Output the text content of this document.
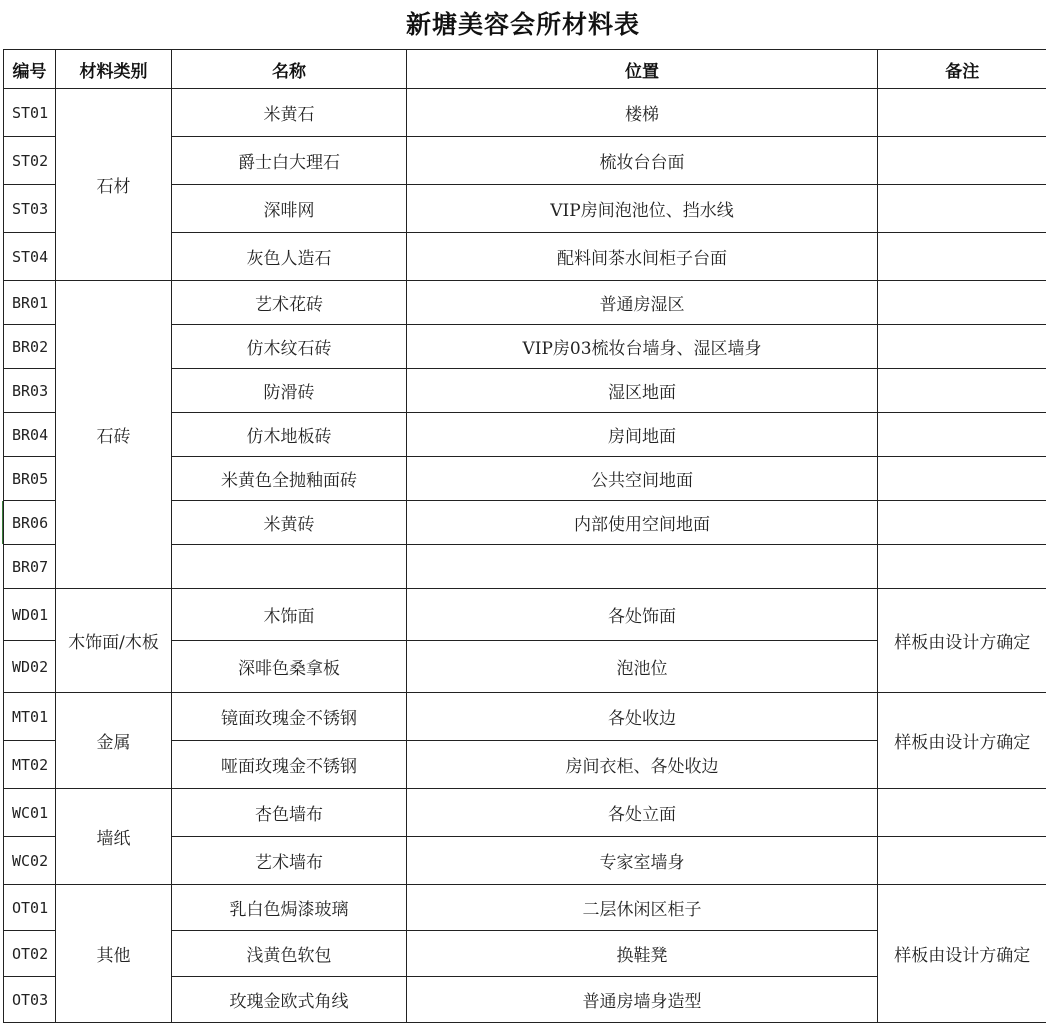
新塘美容会所材料表
编号	材料类别	名称	位置	备注
ST01	石材	米黄石	楼梯	
ST02		爵士白大理石	梳妆台台面	
ST03		深啡网	VIP房间泡池位、挡水线	
ST04		灰色人造石	配料间茶水间柜子台面	
BR01	石砖	艺术花砖	普通房湿区	
BR02		仿木纹石砖	VIP房03梳妆台墙身、湿区墙身	
BR03		防滑砖	湿区地面	
BR04		仿木地板砖	房间地面	
BR05		米黄色全抛釉面砖	公共空间地面	
BR06		米黄砖	内部使用空间地面	
BR07				
WD01	木饰面/木板	木饰面	各处饰面	样板由设计方确定
WD02		深啡色桑拿板	泡池位	
MT01	金属	镜面玫瑰金不锈钢	各处收边	样板由设计方确定
MT02		哑面玫瑰金不锈钢	房间衣柜、各处收边	
WC01	墙纸	杏色墙布	各处立面	
WC02		艺术墙布	专家室墙身	
OT01	其他	乳白色焗漆玻璃	二层休闲区柜子	样板由设计方确定
OT02		浅黄色软包	换鞋凳	
OT03		玫瑰金欧式角线	普通房墙身造型	
